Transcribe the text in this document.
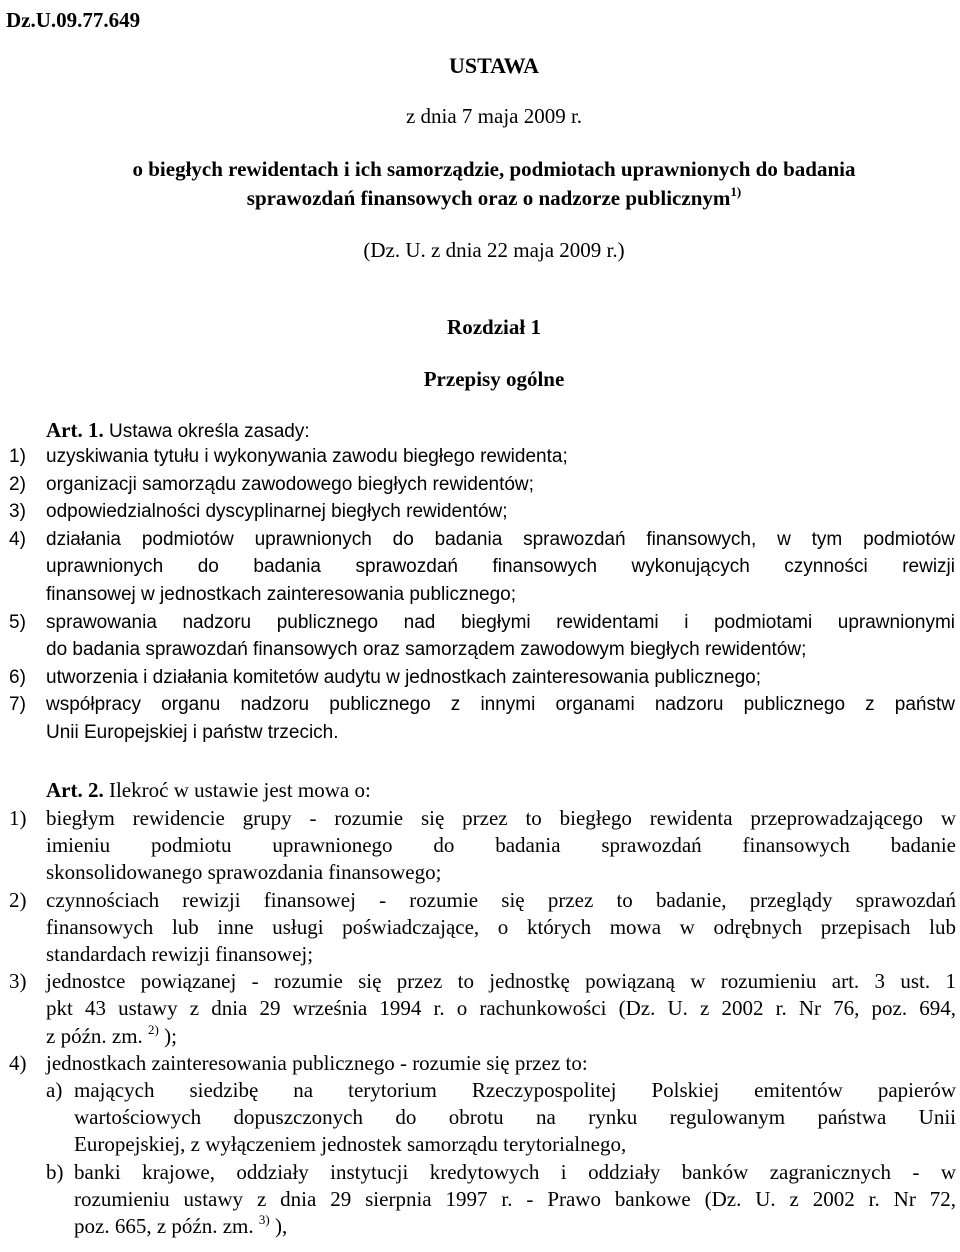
Dz.U.09.77.649
USTAWA
z dnia 7 maja 2009 r.
o biegłych rewidentach i ich samorządzie, podmiotach uprawnionych do badania
sprawozdań finansowych oraz o nadzorze publicznym$^{1)}$
(Dz. U. z dnia 22 maja 2009 r.)
Rozdział 1
Przepisy ogólne
Art. 1. Ustawa określa zasady:
1) uzyskiwania tytułu i wykonywania zawodu biegłego rewidenta;
2) organizacji samorządu zawodowego biegłych rewidentów;
3) odpowiedzialności dyscyplinarnej biegłych rewidentów;
4) działania podmiotów uprawnionych do badania sprawozdań finansowych, w tym podmiotów
uprawnionych do badania sprawozdań finansowych wykonujących czynności rewizji
finansowej w jednostkach zainteresowania publicznego;
5) sprawowania nadzoru publicznego nad biegłymi rewidentami i podmiotami uprawnionymi
do badania sprawozdań finansowych oraz samorządem zawodowym biegłych rewidentów;
6) utworzenia i działania komitetów audytu w jednostkach zainteresowania publicznego;
7) współpracy organu nadzoru publicznego z innymi organami nadzoru publicznego z państw
Unii Europejskiej i państw trzecich.
Art. 2. Ilekroć w ustawie jest mowa o:
1) biegłym rewidencie grupy - rozumie się przez to biegłego rewidenta przeprowadzającego w
imieniu podmiotu uprawnionego do badania sprawozdań finansowych badanie
skonsolidowanego sprawozdania finansowego;
2) czynnościach rewizji finansowej - rozumie się przez to badanie, przeglądy sprawozdań
finansowych lub inne usługi poświadczające, o których mowa w odrębnych przepisach lub
standardach rewizji finansowej;
3) jednostce powiązanej - rozumie się przez to jednostkę powiązaną w rozumieniu art. 3 ust. 1
pkt 43 ustawy z dnia 29 września 1994 r. o rachunkowości (Dz. U. z 2002 r. Nr 76, poz. 694,
z późn. zm. $^{2)}$ );
4) jednostkach zainteresowania publicznego - rozumie się przez to:
a) mających siedzibę na terytorium Rzeczypospolitej Polskiej emitentów papierów
wartościowych dopuszczonych do obrotu na rynku regulowanym państwa Unii
Europejskiej, z wyłączeniem jednostek samorządu terytorialnego,
b) banki krajowe, oddziały instytucji kredytowych i oddziały banków zagranicznych - w
rozumieniu ustawy z dnia 29 sierpnia 1997 r. - Prawo bankowe (Dz. U. z 2002 r. Nr 72,
poz. 665, z późn. zm. $^{3)}$ ),
